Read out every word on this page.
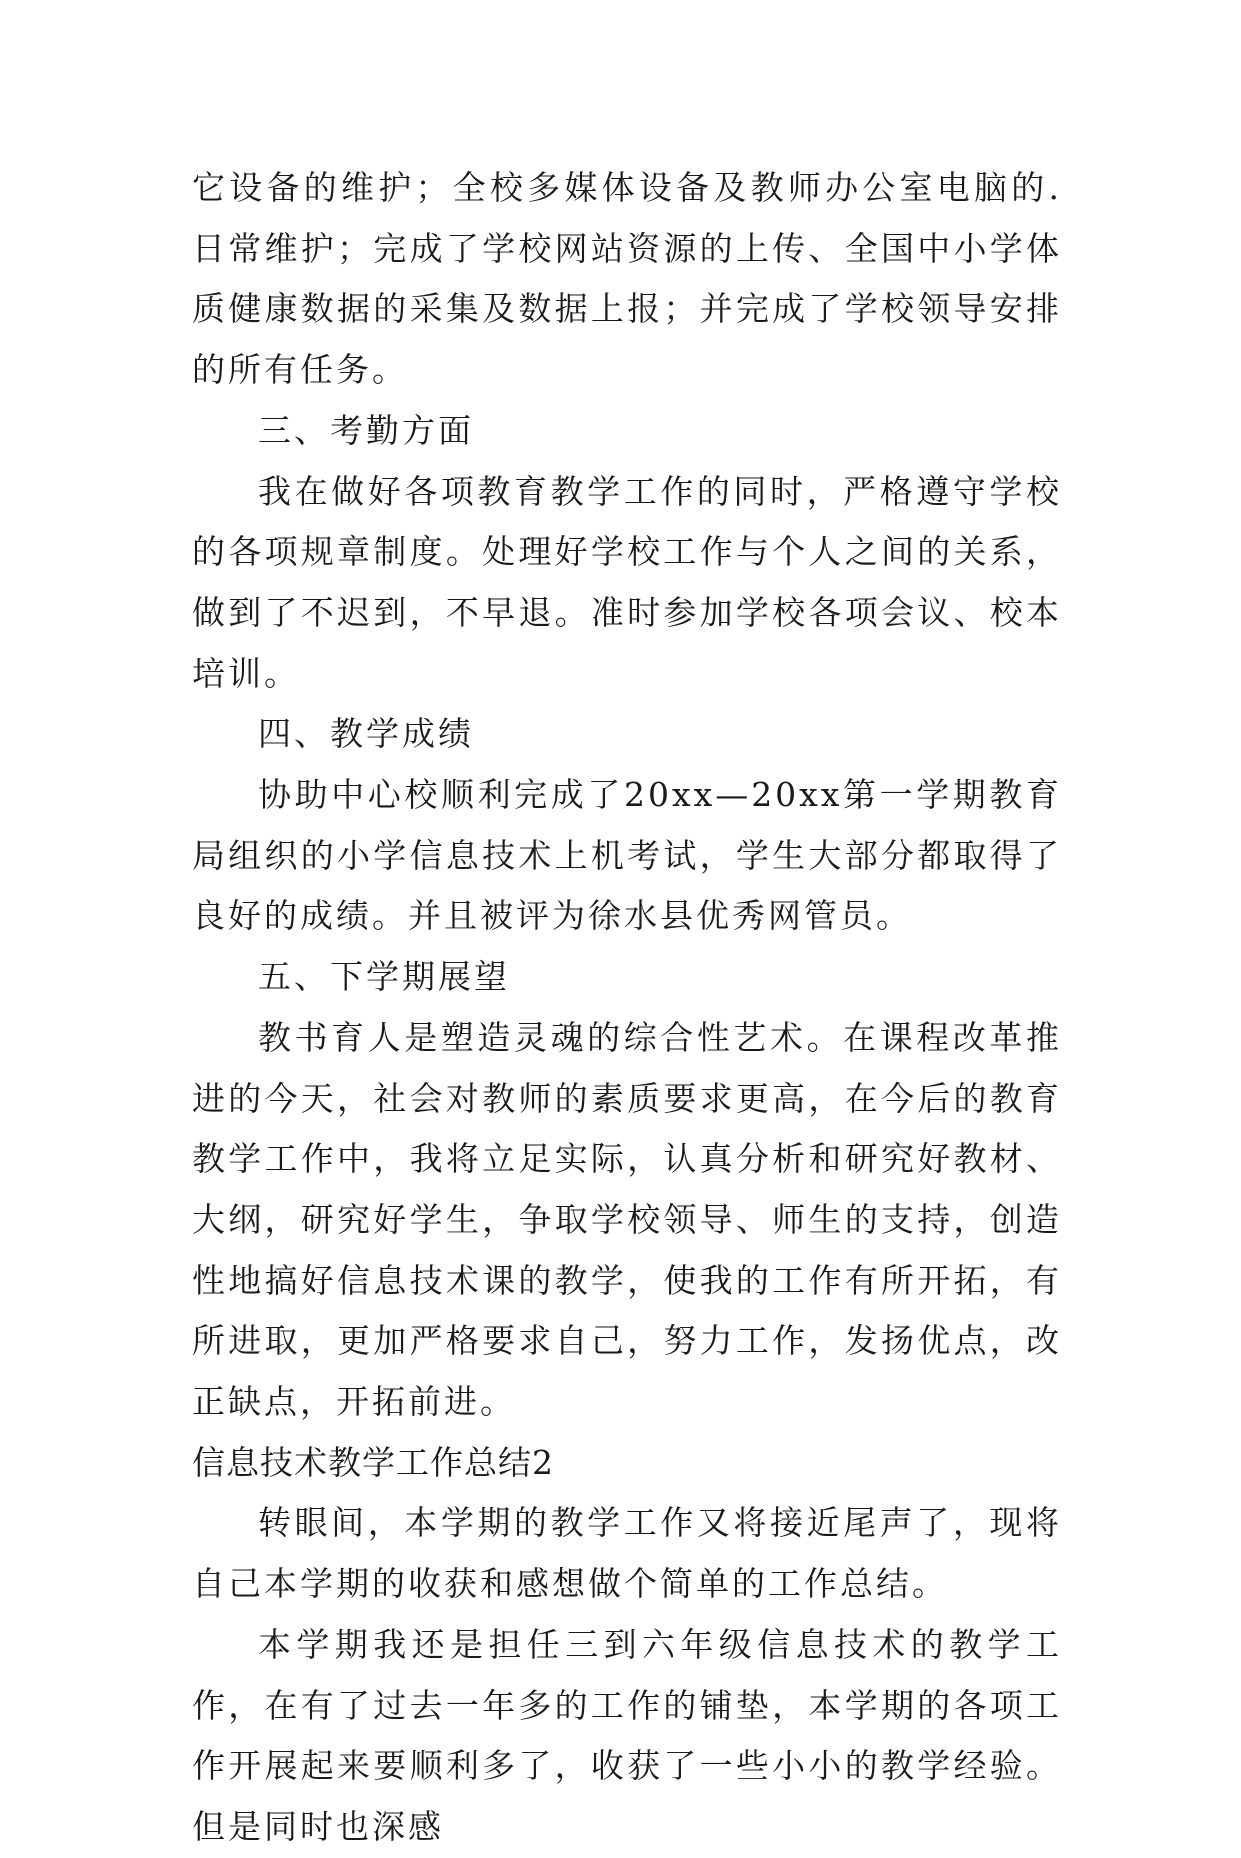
它设备的维护；全校多媒体设备及教师办公室电脑的.日常维护；完成了学校网站资源的上传、全国中小学体质健康数据的采集及数据上报；并完成了学校领导安排的所有任务。

三、考勤方面

我在做好各项教育教学工作的同时，严格遵守学校的各项规章制度。处理好学校工作与个人之间的关系，做到了不迟到，不早退。准时参加学校各项会议、校本培训。

四、教学成绩

协助中心校顺利完成了20xx—20xx第一学期教育局组织的小学信息技术上机考试，学生大部分都取得了良好的成绩。并且被评为徐水县优秀网管员。

五、下学期展望

教书育人是塑造灵魂的综合性艺术。在课程改革推进的今天，社会对教师的素质要求更高，在今后的教育教学工作中，我将立足实际，认真分析和研究好教材、大纲，研究好学生，争取学校领导、师生的支持，创造性地搞好信息技术课的教学，使我的工作有所开拓，有所进取，更加严格要求自己，努力工作，发扬优点，改正缺点，开拓前进。

信息技术教学工作总结2

转眼间，本学期的教学工作又将接近尾声了，现将自己本学期的收获和感想做个简单的工作总结。

本学期我还是担任三到六年级信息技术的教学工作，在有了过去一年多的工作的铺垫，本学期的各项工作开展起来要顺利多了，收获了一些小小的教学经验。但是同时也深感
